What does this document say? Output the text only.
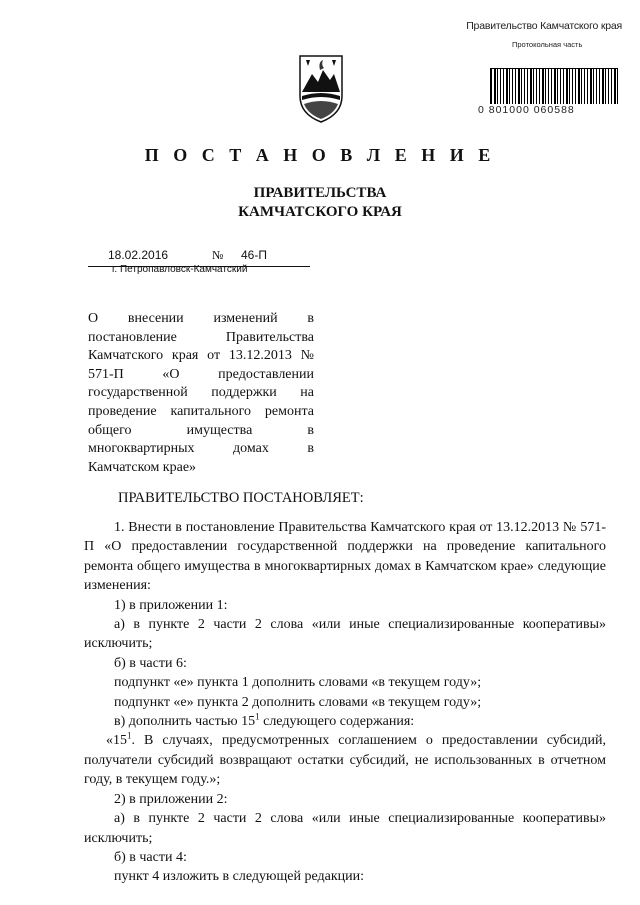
Правительство Камчатского края
Протокольная часть
0 801000 060588
П О С Т А Н О В Л Е Н И Е
ПРАВИТЕЛЬСТВА
КАМЧАТСКОГО КРАЯ
18.02.2016	№ 46-П
г. Петропавловск-Камчатский
О внесении изменений в постановление Правительства Камчатского края от 13.12.2013 № 571-П «О предоставлении государственной поддержки на проведение капитального ремонта общего имущества в многоквартирных домах в Камчатском крае»
ПРАВИТЕЛЬСТВО ПОСТАНОВЛЯЕТ:

1. Внести в постановление Правительства Камчатского края от 13.12.2013 № 571-П «О предоставлении государственной поддержки на проведение капитального ремонта общего имущества в многоквартирных домах в Камчатском крае» следующие изменения:

1) в приложении 1:

а) в пункте 2 части 2 слова «или иные специализированные кооперативы» исключить;

б) в части 6:

подпункт «е» пункта 1 дополнить словами «в текущем году»;

подпункт «е» пункта 2 дополнить словами «в текущем году»;

в) дополнить частью $15^1$ следующего содержания:

«$15^1$. В случаях, предусмотренных соглашением о предоставлении субсидий, получатели субсидий возвращают остатки субсидий, не использованных в отчетном году, в текущем году.»;

2) в приложении 2:

а) в пункте 2 части 2 слова «или иные специализированные кооперативы» исключить;

б) в части 4:

пункт 4 изложить в следующей редакции:
